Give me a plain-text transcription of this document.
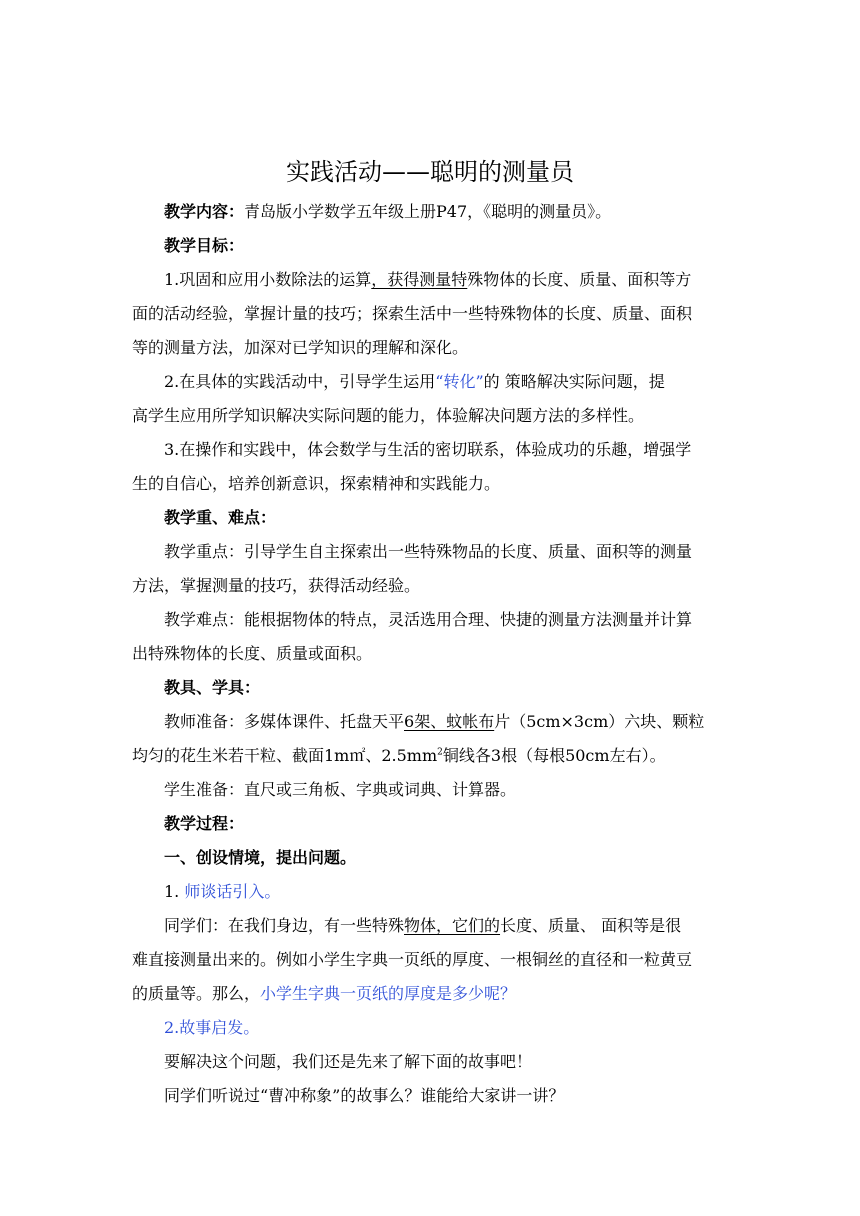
实践活动——聪明的测量员
教学内容：青岛版小学数学五年级上册P47，《聪明的测量员》。
教学目标：
1.巩固和应用小数除法的运算，获得测量特殊物体的长度、质量、面积等方
面的活动经验，掌握计量的技巧；探索生活中一些特殊物体的长度、质量、面积
等的测量方法，加深对已学知识的理解和深化。
2.在具体的实践活动中，引导学生运用“转化”的 策略解决实际问题，提
高学生应用所学知识解决实际问题的能力，体验解决问题方法的多样性。
3.在操作和实践中，体会数学与生活的密切联系，体验成功的乐趣，增强学
生的自信心，培养创新意识，探索精神和实践能力。
教学重、难点：
教学重点：引导学生自主探索出一些特殊物品的长度、质量、面积等的测量
方法，掌握测量的技巧，获得活动经验。
教学难点：能根据物体的特点，灵活选用合理、快捷的测量方法测量并计算
出特殊物体的长度、质量或面积。
教具、学具：
教师准备：多媒体课件、托盘天平6架、蚊帐布片（5cm×3cm）六块、颗粒
均匀的花生米若干粒、截面1m㎡、$2.5mm^2$铜线各3根（每根50cm左右）。
学生准备：直尺或三角板、字典或词典、计算器。
教学过程：
一、创设情境，提出问题。
1. 师谈话引入。
同学们：在我们身边，有一些特殊物体，它们的长度、质量、 面积等是很
难直接测量出来的。例如小学生字典一页纸的厚度、一根铜丝的直径和一粒黄豆
的质量等。那么，小学生字典一页纸的厚度是多少呢？
2.故事启发。
要解决这个问题，我们还是先来了解下面的故事吧！
同学们听说过“曹冲称象”的故事么？谁能给大家讲一讲？
